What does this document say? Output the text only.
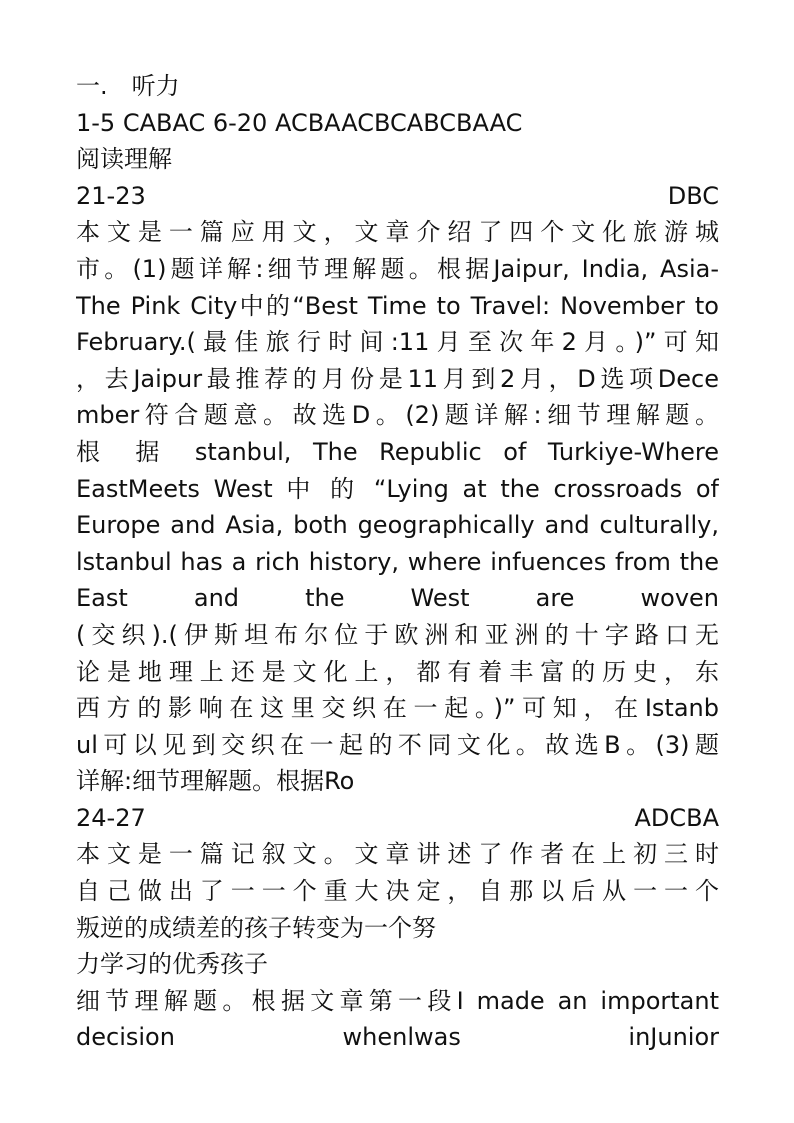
一.　听力
1-5 CABAC 6-20 ACBAACBCABCBAAC
阅读理解
21-23	DBC
本文是一篇应用文，文章介绍了四个文化旅游城
市。(1)题详解:细节理解题。根据Jaipur, India, Asia-
The Pink City中的“Best Time to Travel: November to
February.(最佳旅行时间:11月至次年2月。)”可知
，去Jaipur最推荐的月份是11月到2月，D选项Dece
mber符合题意。故选D。(2)题详解:细节理解题。
根 据 stanbul, The Republic of Turkiye-Where
EastMeets West 中 的 “Lying at the crossroads of
Europe and Asia, both geographically and culturally,
lstanbul has a rich history, where infuences from the
East and the West are woven
(交织).(伊斯坦布尔位于欧洲和亚洲的十字路口无
论是地理上还是文化上，都有着丰富的历史，东
西方的影响在这里交织在一起。)”可知，在Istanb
ul可以见到交织在一起的不同文化。故选B。(3)题
详解:细节理解题。根据Ro
24-27	ADCBA
本文是一篇记叙文。文章讲述了作者在上初三时
自己做出了一一个重大决定，自那以后从一一个
叛逆的成绩差的孩子转变为一个努
力学习的优秀孩子
细节理解题。根据文章第一段I made an important
decision whenlwas inJunior
